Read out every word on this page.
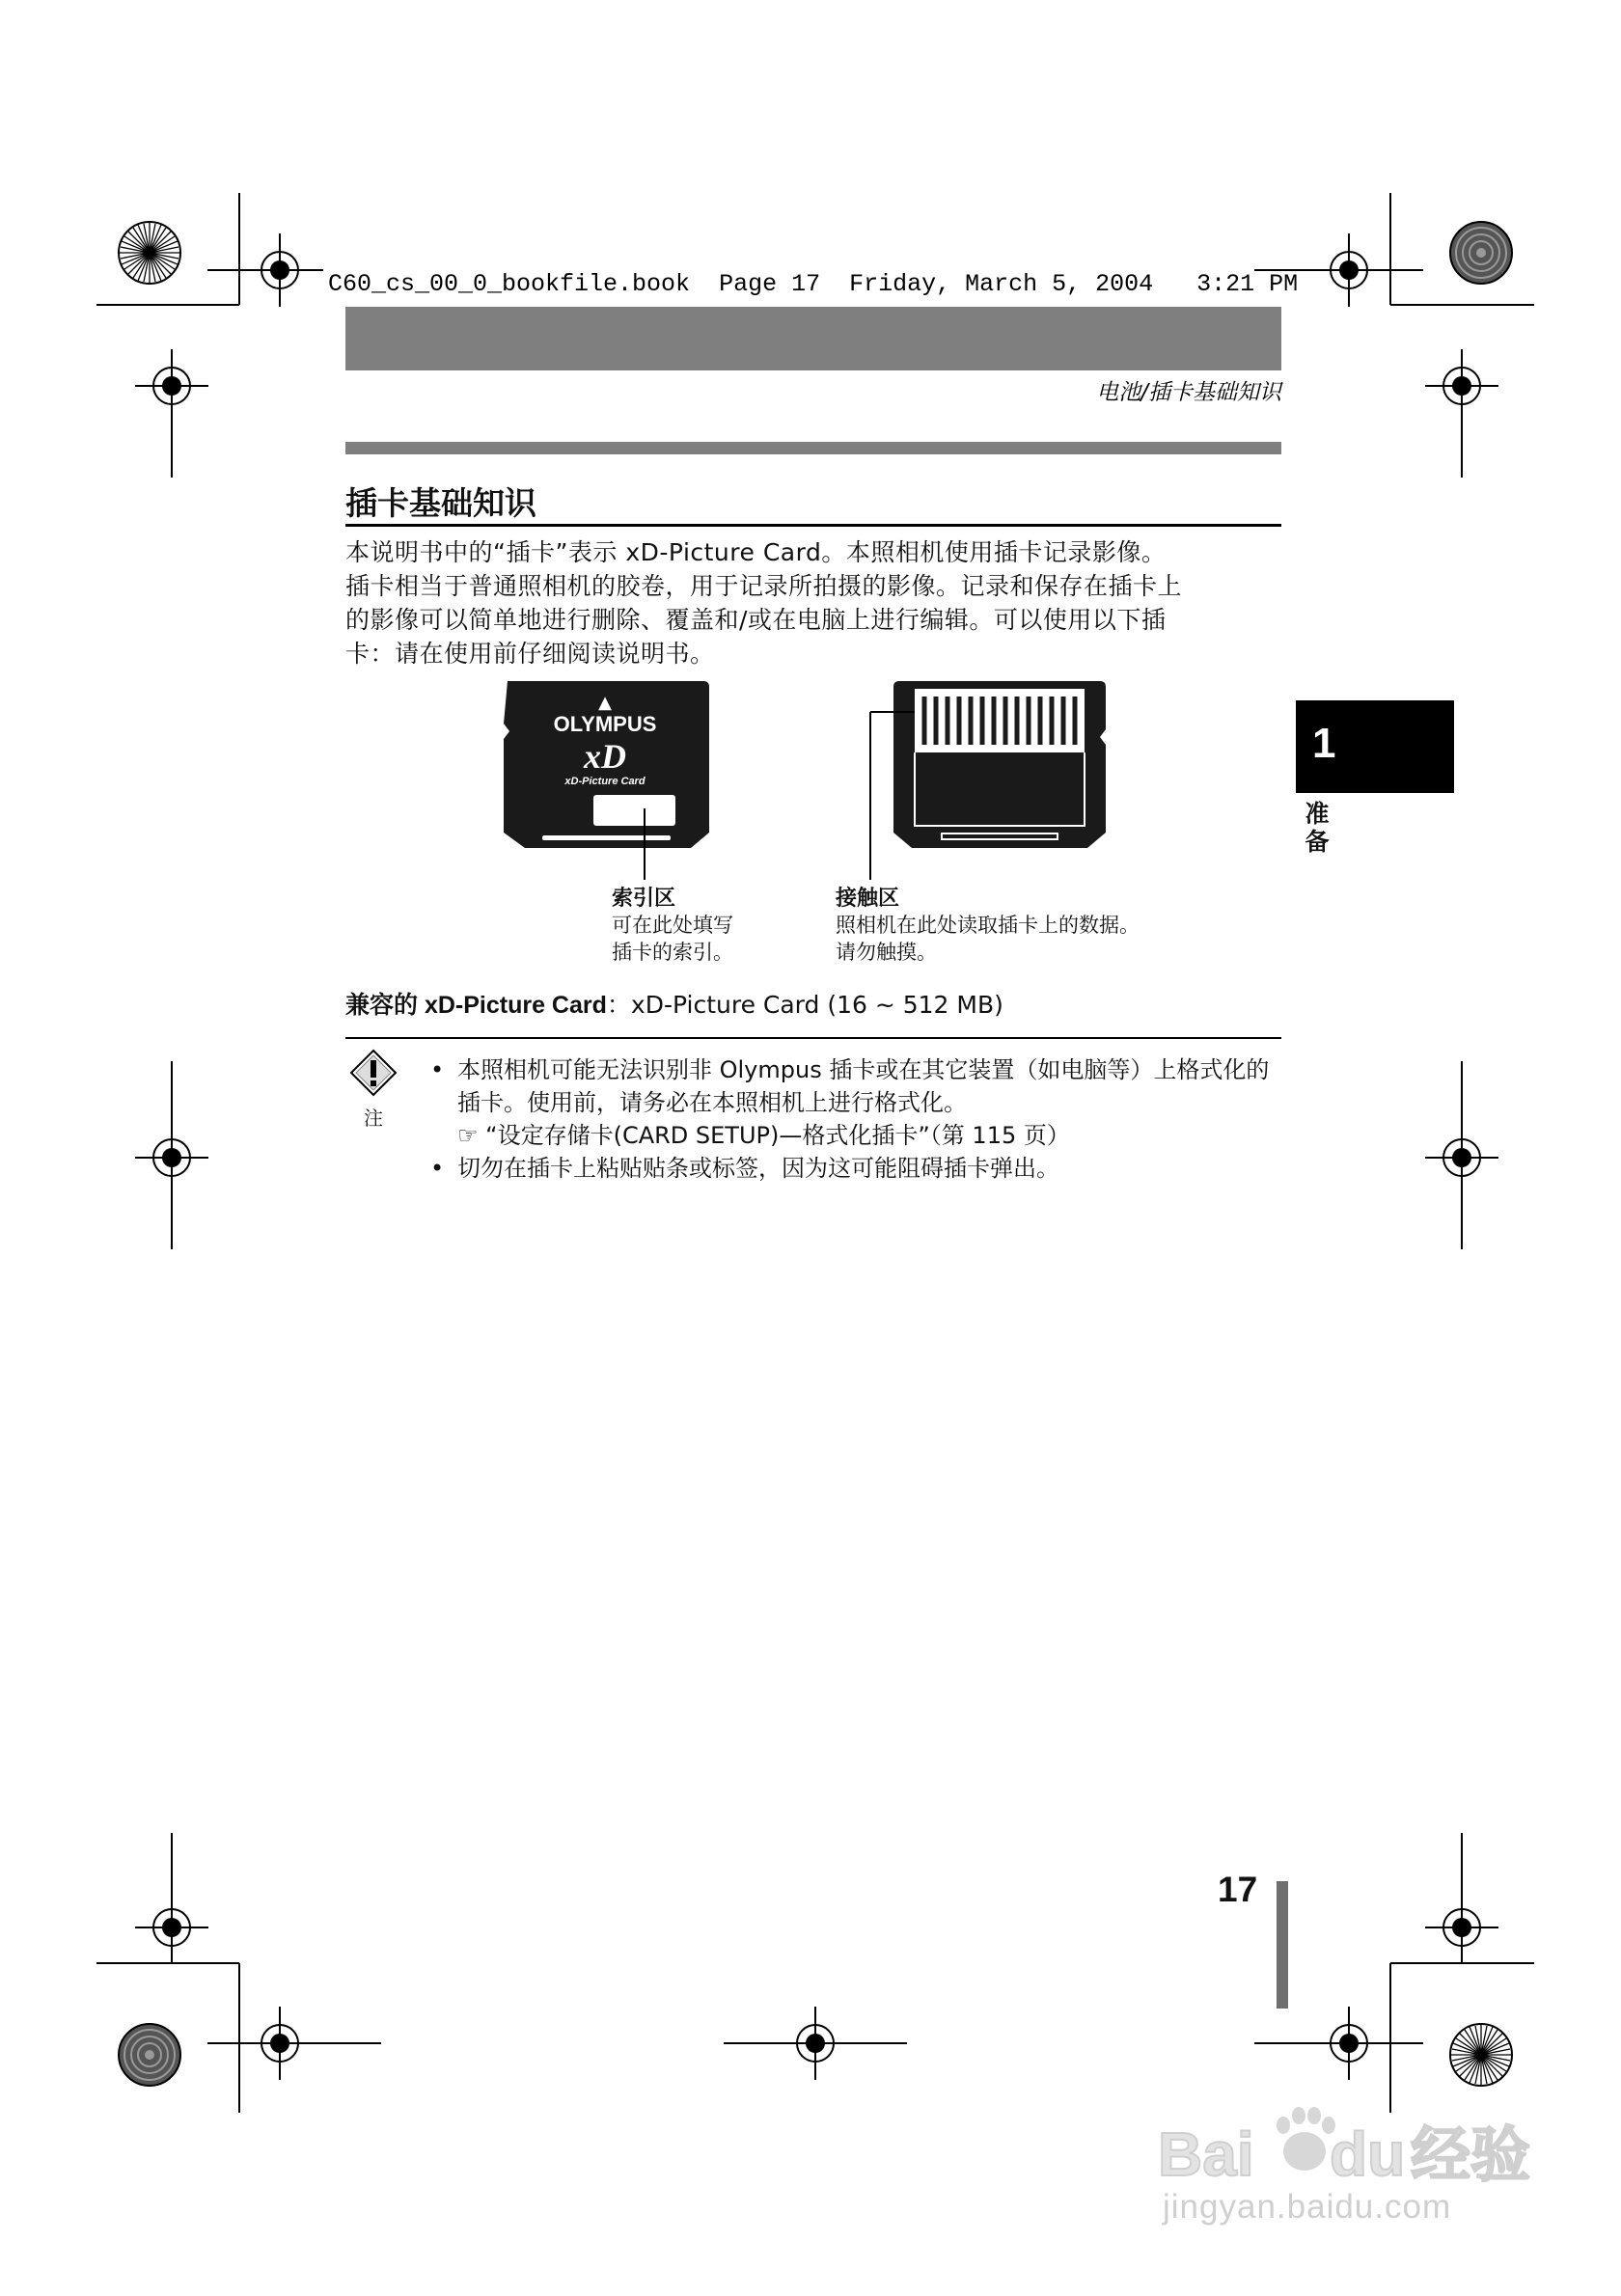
C60_cs_00_0_bookfile.book  Page 17  Friday, March 5, 2004   3:21 PM
电池/插卡基础知识
插卡基础知识

本说明书中的“插卡”表示 xD-Picture Card。本照相机使用插卡记录影像。

插卡相当于普通照相机的胶卷，用于记录所拍摄的影像。记录和保存在插卡上

的影像可以简单地进行删除、覆盖和/或在电脑上进行编辑。可以使用以下插

卡：请在使用前仔细阅读说明书。

▲
OLYMPUS
xD
xD-Picture Card
索引区
可在此处填写
插卡的索引。
接触区
照相机在此处读取插卡上的数据。
请勿触摸。
兼容的 xD-Picture Card：xD-Picture Card (16 ~ 512 MB)
注
• 本照相机可能无法识别非 Olympus 插卡或在其它装置（如电脑等）上格式化的插卡。使用前，请务必在本照相机上进行格式化。
☞ “设定存储卡(CARD SETUP)—格式化插卡”（第 115 页）
• 切勿在插卡上粘贴贴条或标签，因为这可能阻碍插卡弹出。
1
准备
17
Bai du 经验
jingyan.baidu.com
